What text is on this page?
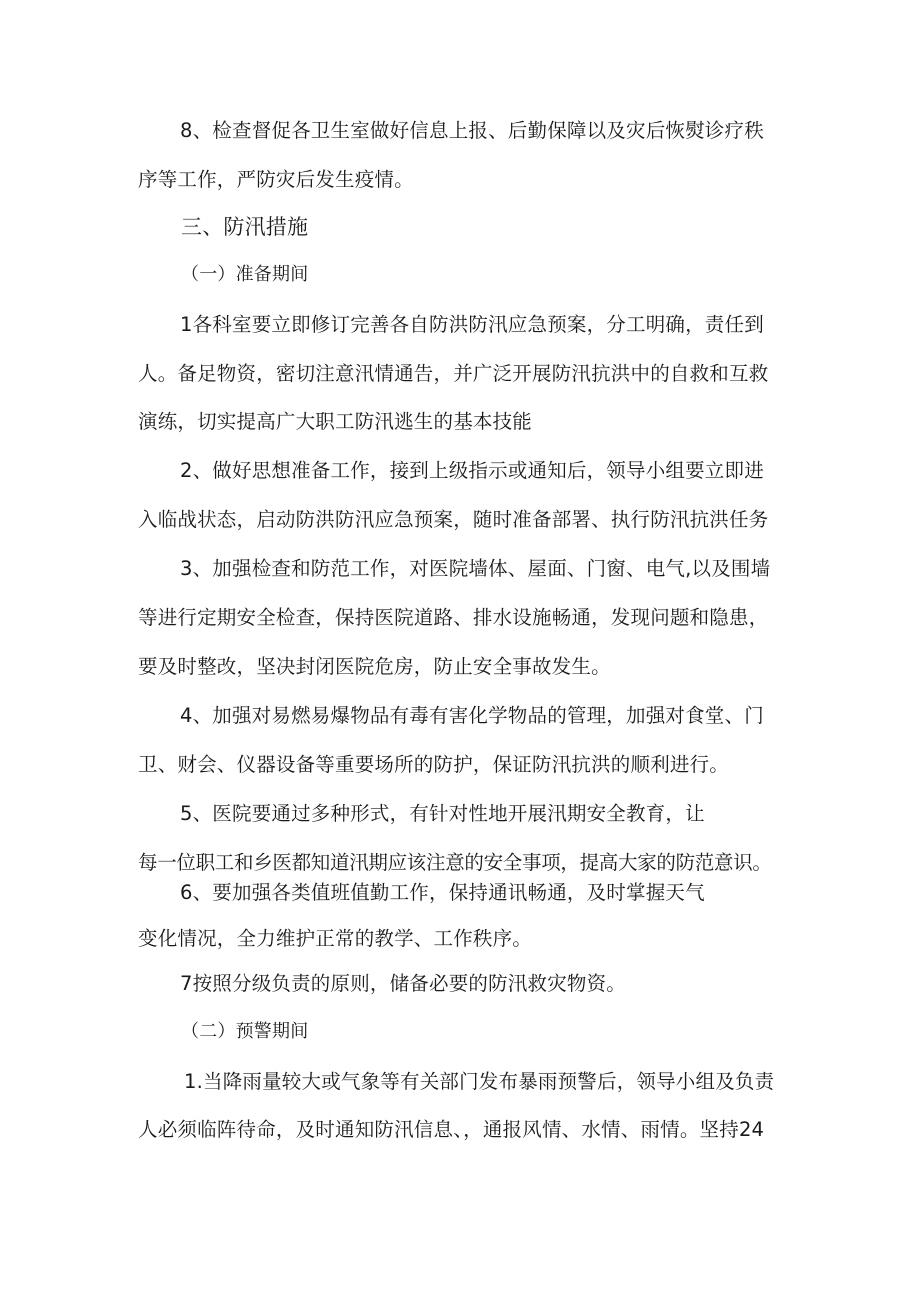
8、检查督促各卫生室做好信息上报、后勤保障以及灾后恢熨诊疗秩
序等工作，严防灾后发生疫情。
三、防汛措施
（一）准备期间
1各科室要立即修订完善各自防洪防汛应急预案，分工明确，责任到
人。备足物资，密切注意汛情通告，并广泛开展防汛抗洪中的自救和互救
演练，切实提高广大职工防汛逃生的基本技能
2、做好思想准备工作，接到上级指示或通知后，领导小组要立即进
入临战状态，启动防洪防汛应急预案，随时准备部署、执行防汛抗洪任务
3、加强检查和防范工作，对医院墙体、屋面、门窗、电气,以及围墙
等进行定期安全检查，保持医院道路、排水设施畅通，发现问题和隐患，
要及时整改，坚决封闭医院危房，防止安全事故发生。
4、加强对易燃易爆物品有毒有害化学物品的管理，加强对食堂、门
卫、财会、仪器设备等重要场所的防护，保证防汛抗洪的顺利进行。
5、医院要通过多种形式，有针对性地开展汛期安全教育，让
每一位职工和乡医都知道汛期应该注意的安全事项，提高大家的防范意识。
6、要加强各类值班值勤工作，保持通讯畅通，及时掌握天气
变化情况，全力维护正常的教学、工作秩序。
7按照分级负责的原则，储备必要的防汛救灾物资。
（二）预警期间
1.当降雨量较大或气象等有关部门发布暴雨预警后，领导小组及负责
人必须临阵待命，及时通知防汛信息、，通报风情、水情、雨情。坚持24
